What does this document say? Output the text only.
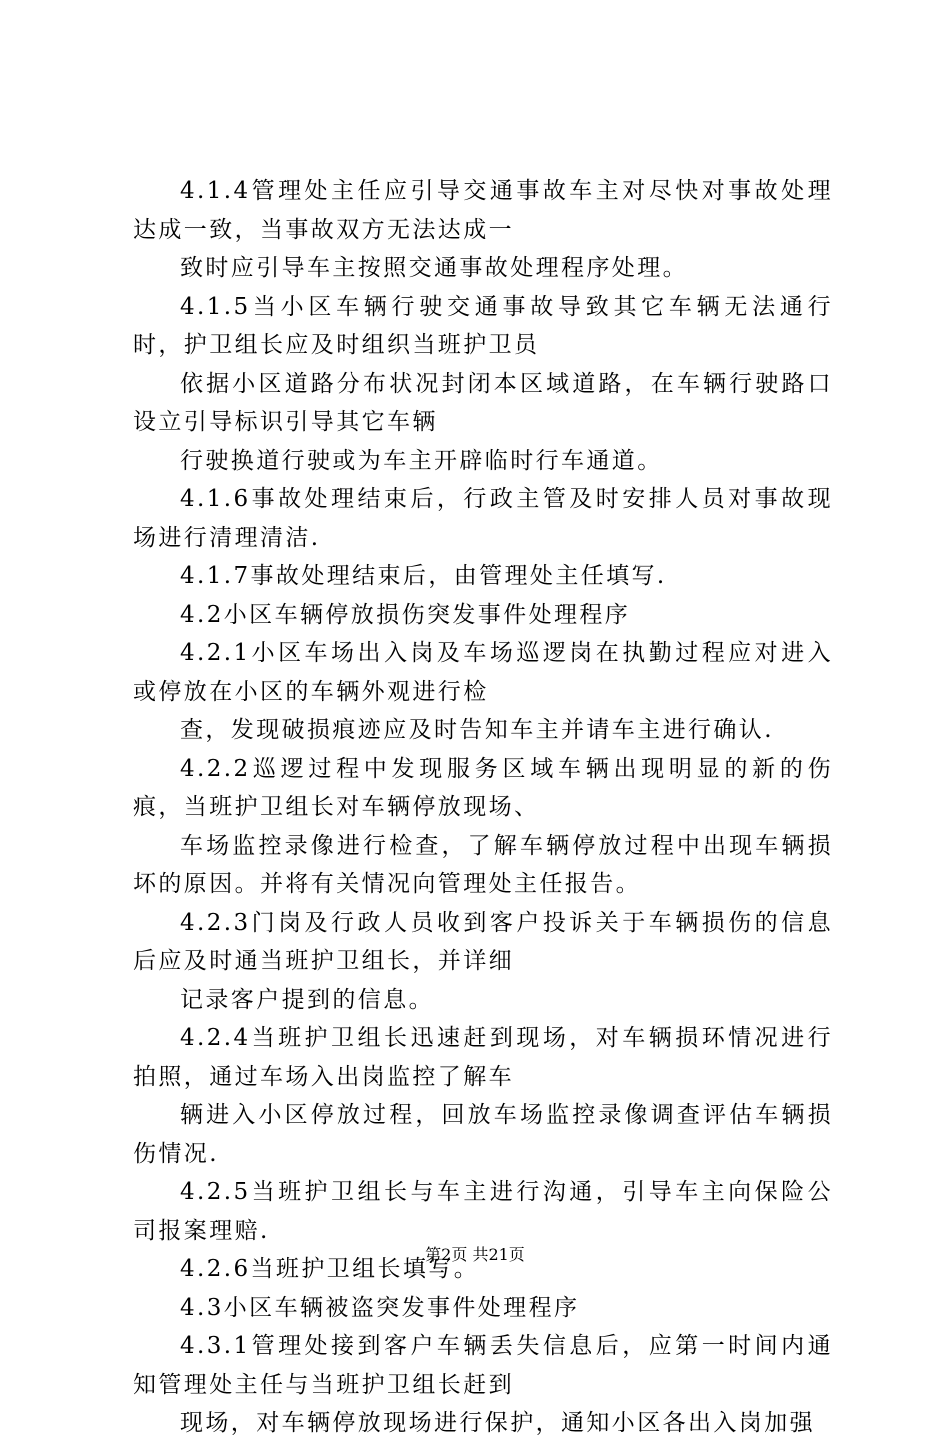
4.1.4管理处主任应引导交通事故车主对尽快对事故处理达成一致，当事故双方无法达成一

致时应引导车主按照交通事故处理程序处理。

4.1.5当小区车辆行驶交通事故导致其它车辆无法通行时，护卫组长应及时组织当班护卫员

依据小区道路分布状况封闭本区域道路，在车辆行驶路口设立引导标识引导其它车辆

行驶换道行驶或为车主开辟临时行车通道。

4.1.6事故处理结束后，行政主管及时安排人员对事故现场进行清理清洁.

4.1.7事故处理结束后，由管理处主任填写.

4.2小区车辆停放损伤突发事件处理程序

4.2.1小区车场出入岗及车场巡逻岗在执勤过程应对进入或停放在小区的车辆外观进行检

查，发现破损痕迹应及时告知车主并请车主进行确认.

4.2.2巡逻过程中发现服务区域车辆出现明显的新的伤痕，当班护卫组长对车辆停放现场、

车场监控录像进行检查，了解车辆停放过程中出现车辆损坏的原因。并将有关情况向管理处主任报告。

4.2.3门岗及行政人员收到客户投诉关于车辆损伤的信息后应及时通当班护卫组长，并详细

记录客户提到的信息。

4.2.4当班护卫组长迅速赶到现场，对车辆损环情况进行拍照，通过车场入出岗监控了解车

辆进入小区停放过程，回放车场监控录像调查评估车辆损伤情况.

4.2.5当班护卫组长与车主进行沟通，引导车主向保险公司报案理赔.

4.2.6当班护卫组长填写。

4.3小区车辆被盗突发事件处理程序

4.3.1管理处接到客户车辆丢失信息后，应第一时间内通知管理处主任与当班护卫组长赶到

现场，对车辆停放现场进行保护，通知小区各出入岗加强

第2页 共21页
